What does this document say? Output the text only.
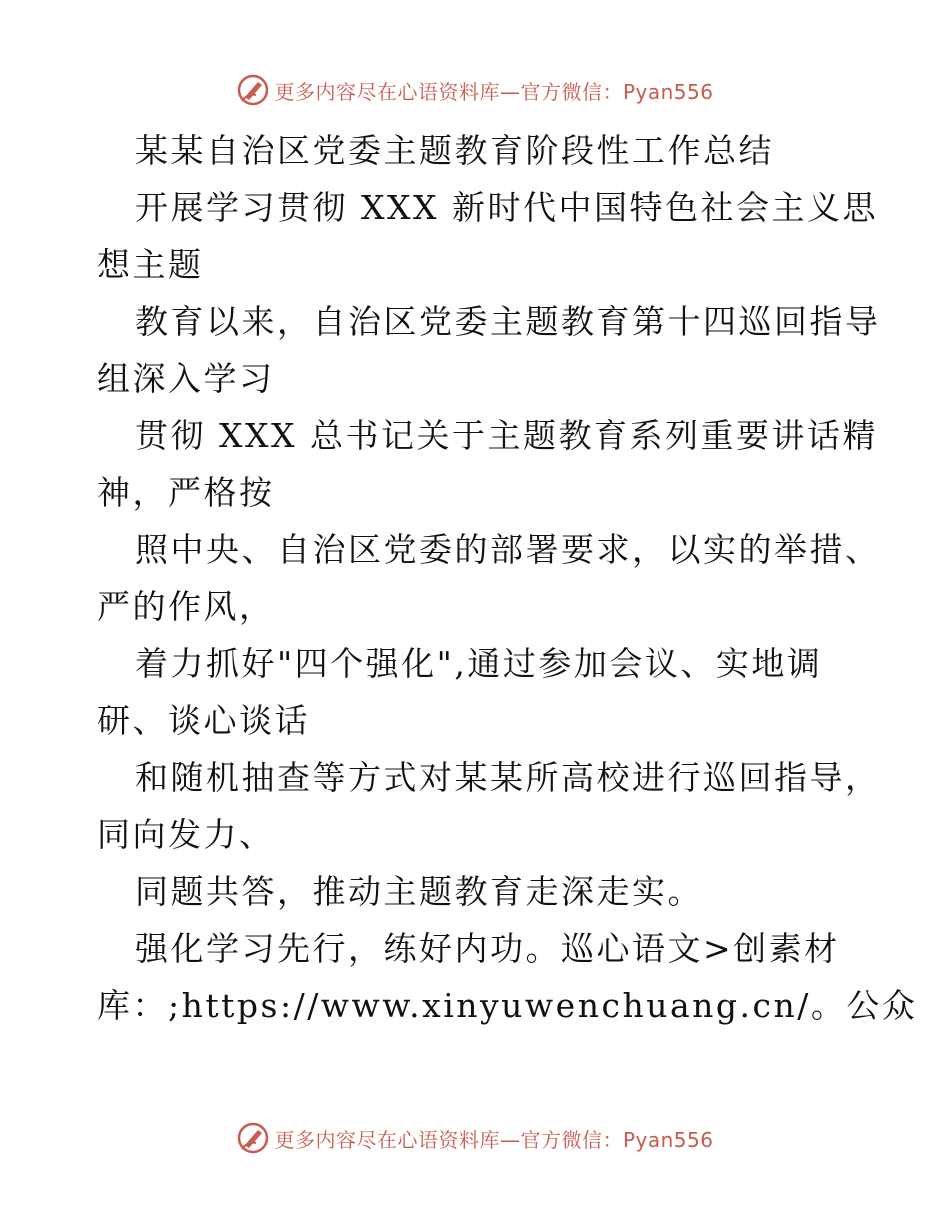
更多内容尽在心语资料库—官方微信：Pyan556
某某自治区党委主题教育阶段性工作总结
开展学习贯彻 XXX 新时代中国特色社会主义思
想主题
教育以来，自治区党委主题教育第十四巡回指导
组深入学习
贯彻 XXX 总书记关于主题教育系列重要讲话精
神，严格按
照中央、自治区党委的部署要求，以实的举措、
严的作风，
着力抓好"四个强化",通过参加会议、实地调
研、谈心谈话
和随机抽查等方式对某某所高校进行巡回指导，
同向发力、
同题共答，推动主题教育走深走实。
强化学习先行，练好内功。巡心语文>创素材
库：;https://www.xinyuwenchuang.cn/。公众
更多内容尽在心语资料库—官方微信：Pyan556
